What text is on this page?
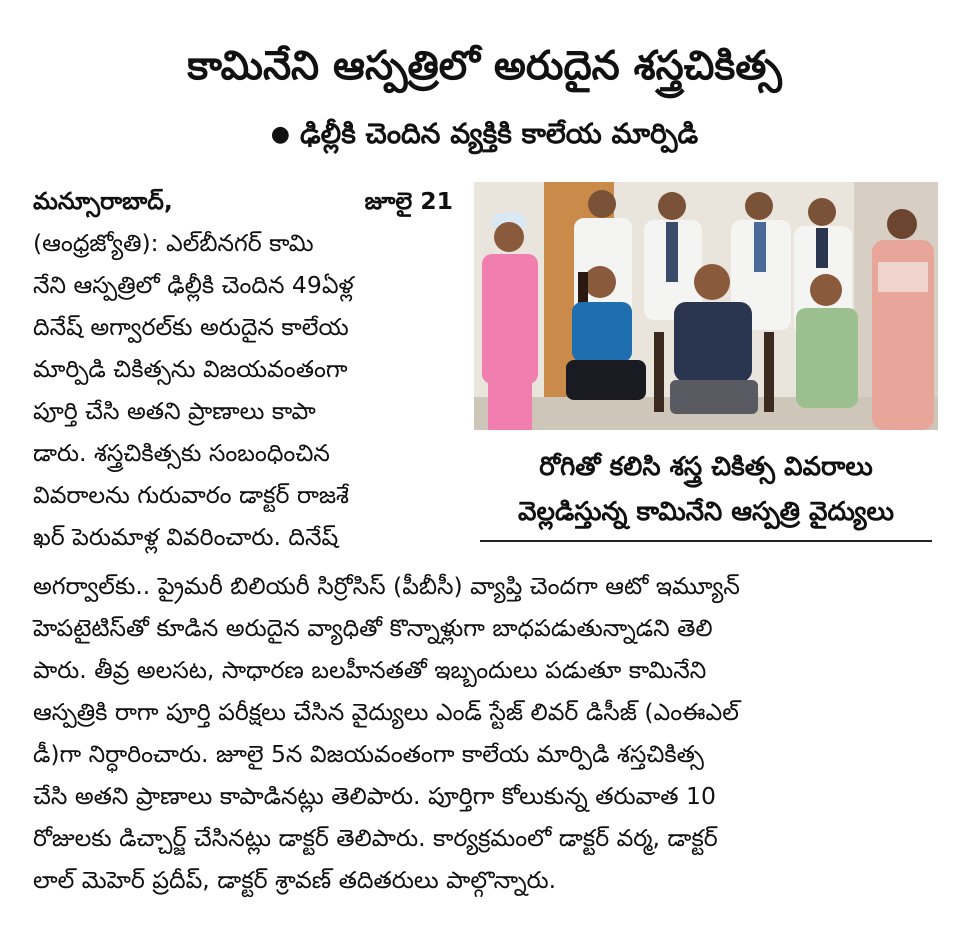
కామినేని ఆస్పత్రిలో అరుదైన శస్త్రచికిత్స
● ఢిల్లీకి చెందిన వ్యక్తికి కాలేయ మార్పిడి
మన్సూరాబాద్,	జూలై 21
(ఆంధ్రజ్యోతి): ఎల్‌బీనగర్ కామి
నేని ఆస్పత్రిలో ఢిల్లీకి చెందిన 49ఏళ్ల
దినేష్ అగ్వారల్‌కు అరుదైన కాలేయ
మార్పిడి చికిత్సను విజయవంతంగా
పూర్తి చేసి అతని ప్రాణాలు కాపా
డారు. శస్త్రచికిత్సకు సంబంధించిన
వివరాలను గురువారం డాక్టర్ రాజశే
ఖర్ పెరుమాళ్ల వివరించారు. దినేష్
రోగితో కలిసి శస్త్ర చికిత్స వివరాలు
వెల్లడిస్తున్న కామినేని ఆస్పత్రి వైద్యులు
అగర్వాల్‌కు.. ప్రైమరీ బిలియరీ సిర్రోసిస్ (పీబీసీ) వ్యాప్తి చెందగా ఆటో ఇమ్యూన్
హెపటైటిస్‌తో కూడిన అరుదైన వ్యాధితో కొన్నాళ్లుగా బాధపడుతున్నాడని తెలి
పారు. తీవ్ర అలసట, సాధారణ బలహీనతతో ఇబ్బందులు పడుతూ కామినేని
ఆస్పత్రికి రాగా పూర్తి పరీక్షలు చేసిన వైద్యులు ఎండ్ స్టేజ్ లివర్ డిసీజ్ (ఎంఈఎల్
డీ)గా నిర్ధారించారు. జూలై 5న విజయవంతంగా కాలేయ మార్పిడి శస్తచికిత్స
చేసి అతని ప్రాణాలు కాపాడినట్లు తెలిపారు. పూర్తిగా కోలుకున్న తరువాత 10
రోజులకు డిచ్చార్జ్ చేసినట్లు డాక్టర్ తెలిపారు. కార్యక్రమంలో డాక్టర్ వర్మ, డాక్టర్
లాల్ మెహెర్ ప్రదీప్, డాక్టర్ శ్రావణ్ తదితరులు పాల్గొన్నారు.
